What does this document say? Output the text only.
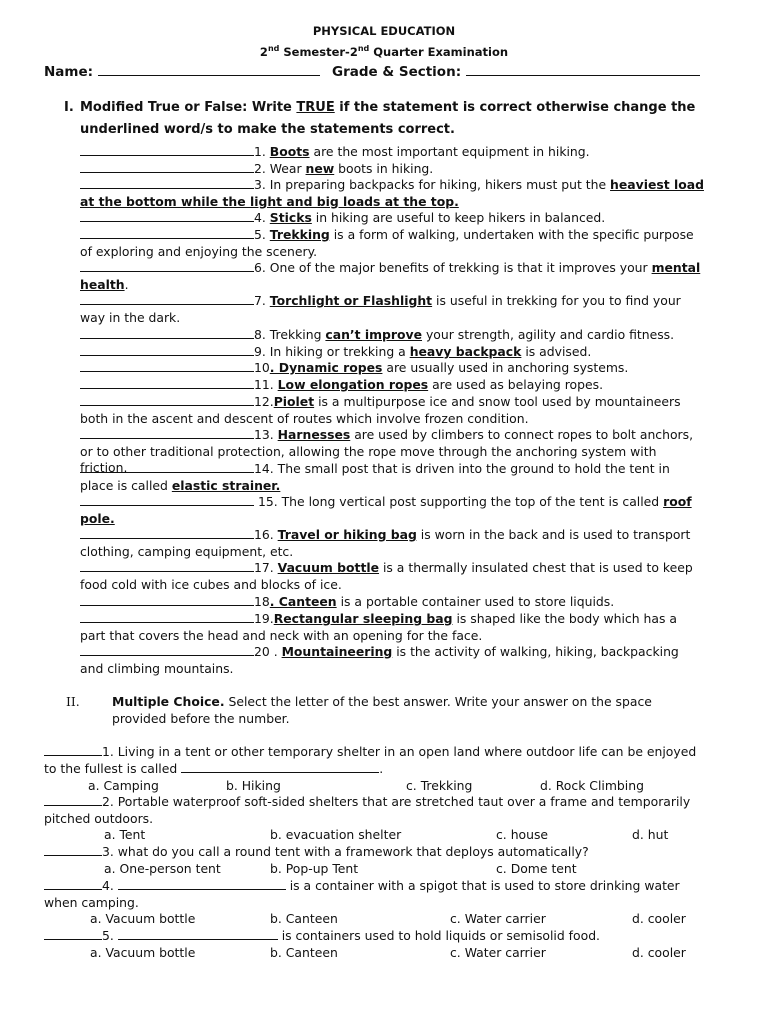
PHYSICAL EDUCATION
2nd Semester-2nd Quarter Examination
Name:	Grade & Section:
I. Modified True or False: Write TRUE if the statement is correct otherwise change the
underlined word/s to make the statements correct.
1. Boots are the most important equipment in hiking.
2. Wear new boots in hiking.
3. In preparing backpacks for hiking, hikers must put the heaviest load at the bottom while the light and big loads at the top.
4. Sticks in hiking are useful to keep hikers in balanced.
5. Trekking is a form of walking, undertaken with the specific purpose of exploring and enjoying the scenery.
6. One of the major benefits of trekking is that it improves your mental health.
7. Torchlight or Flashlight is useful in trekking for you to find your way in the dark.
8. Trekking can’t improve your strength, agility and cardio fitness.
9. In hiking or trekking a heavy backpack is advised.
10. Dynamic ropes are usually used in anchoring systems.
11. Low elongation ropes are used as belaying ropes.
12.Piolet is a multipurpose ice and snow tool used by mountaineers both in the ascent and descent of routes which involve frozen condition.
13. Harnesses are used by climbers to connect ropes to bolt anchors, or to other traditional protection, allowing the rope move through the anchoring system with friction.	14. The small post that is driven into the ground to hold the tent in place is called elastic strainer.
15. The long vertical post supporting the top of the tent is called roof pole.
16. Travel or hiking bag is worn in the back and is used to transport clothing, camping equipment, etc.
17. Vacuum bottle is a thermally insulated chest that is used to keep food cold with ice cubes and blocks of ice.
18. Canteen is a portable container used to store liquids.
19.Rectangular sleeping bag is shaped like the body which has a part that covers the head and neck with an opening for the face.
20 . Mountaineering is the activity of walking, hiking, backpacking and climbing mountains.
II.	Multiple Choice. Select the letter of the best answer. Write your answer on the space
provided before the number.
1. Living in a tent or other temporary shelter in an open land where outdoor life can be enjoyed
to the fullest is called	.
a. Camping	b. Hiking	c. Trekking	d. Rock Climbing
2. Portable waterproof soft-sided shelters that are stretched taut over a frame and temporarily
pitched outdoors.
a. Tent	b. evacuation shelter	c. house	d. hut
3. what do you call a round tent with a framework that deploys automatically?
a. One-person tent	b. Pop-up Tent	c. Dome tent
4.	is a container with a spigot that is used to store drinking water
when camping.
a. Vacuum bottle	b. Canteen	c. Water carrier	d. cooler
5.	is containers used to hold liquids or semisolid food.
a. Vacuum bottle	b. Canteen	c. Water carrier	d. cooler
